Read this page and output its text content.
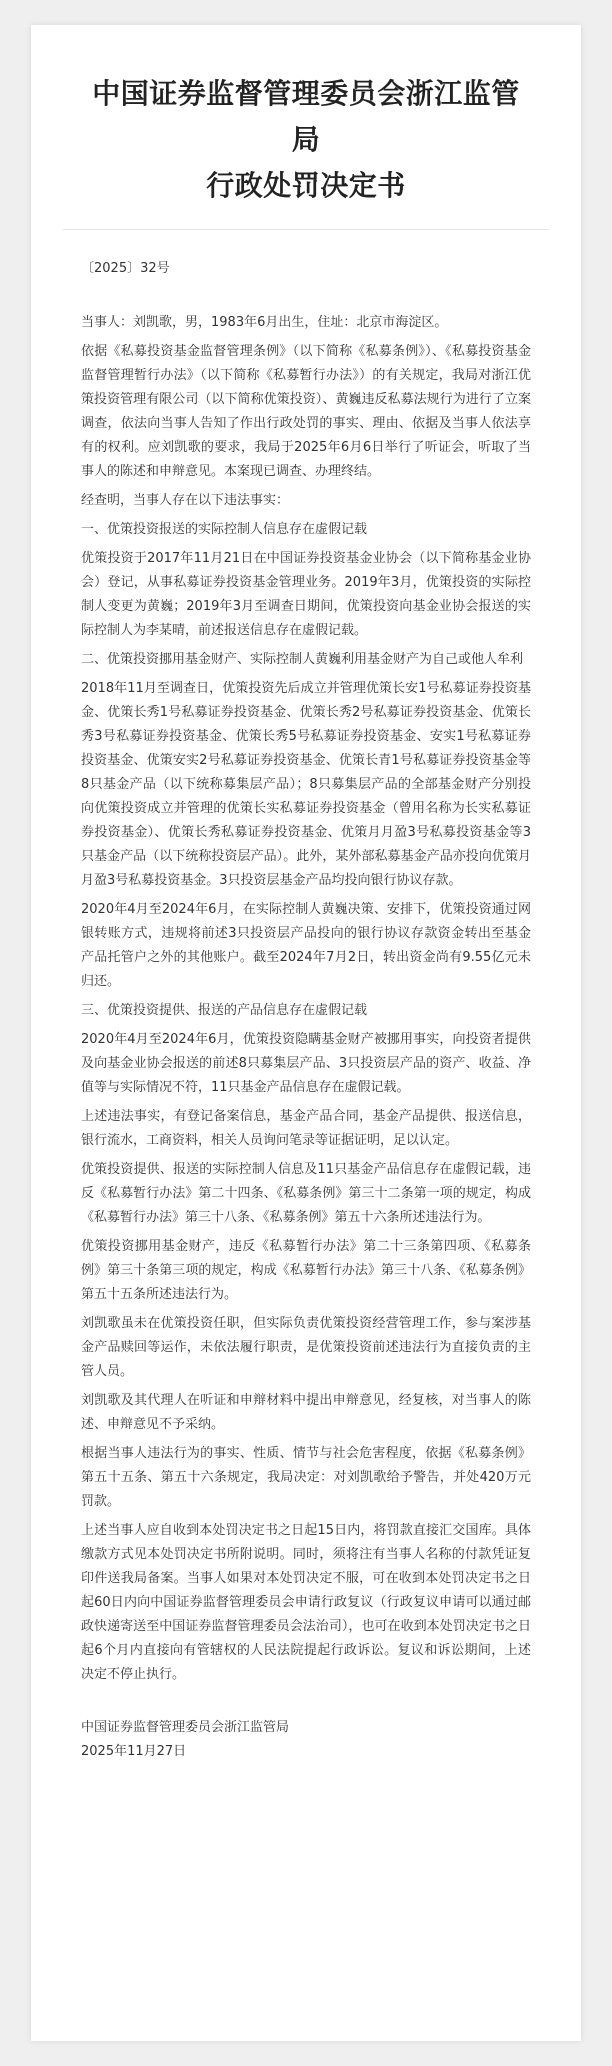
中国证券监督管理委员会浙江监管局
行政处罚决定书
〔2025〕32号

当事人：刘凯歌，男，1983年6月出生，住址：北京市海淀区。

依据《私募投资基金监督管理条例》（以下简称《私募条例》）、《私募投资基金监督管理暂行办法》（以下简称《私募暂行办法》）的有关规定，我局对浙江优策投资管理有限公司（以下简称优策投资）、黄巍违反私募法规行为进行了立案调查，依法向当事人告知了作出行政处罚的事实、理由、依据及当事人依法享有的权利。应刘凯歌的要求，我局于2025年6月6日举行了听证会，听取了当事人的陈述和申辩意见。本案现已调查、办理终结。

经查明，当事人存在以下违法事实：

一、优策投资报送的实际控制人信息存在虚假记载

优策投资于2017年11月21日在中国证券投资基金业协会（以下简称基金业协会）登记，从事私募证券投资基金管理业务。2019年3月，优策投资的实际控制人变更为黄巍；2019年3月至调查日期间，优策投资向基金业协会报送的实际控制人为李某晴，前述报送信息存在虚假记载。

二、优策投资挪用基金财产、实际控制人黄巍利用基金财产为自己或他人牟利

2018年11月至调查日，优策投资先后成立并管理优策长安1号私募证券投资基金、优策长秀1号私募证券投资基金、优策长秀2号私募证券投资基金、优策长秀3号私募证券投资基金、优策长秀5号私募证券投资基金、安实1号私募证券投资基金、优策安实2号私募证券投资基金、优策长青1号私募证券投资基金等8只基金产品（以下统称募集层产品）；8只募集层产品的全部基金财产分别投向优策投资成立并管理的优策长实私募证券投资基金（曾用名称为长实私募证券投资基金）、优策长秀私募证券投资基金、优策月月盈3号私募投资基金等3只基金产品（以下统称投资层产品）。此外，某外部私募基金产品亦投向优策月月盈3号私募投资基金。3只投资层基金产品均投向银行协议存款。

2020年4月至2024年6月，在实际控制人黄巍决策、安排下，优策投资通过网银转账方式，违规将前述3只投资层产品投向的银行协议存款资金转出至基金产品托管户之外的其他账户。截至2024年7月2日，转出资金尚有9.55亿元未归还。

三、优策投资提供、报送的产品信息存在虚假记载

2020年4月至2024年6月，优策投资隐瞒基金财产被挪用事实，向投资者提供及向基金业协会报送的前述8只募集层产品、3只投资层产品的资产、收益、净值等与实际情况不符，11只基金产品信息存在虚假记载。

上述违法事实，有登记备案信息，基金产品合同，基金产品提供、报送信息，银行流水，工商资料，相关人员询问笔录等证据证明，足以认定。

优策投资提供、报送的实际控制人信息及11只基金产品信息存在虚假记载，违反《私募暂行办法》第二十四条、《私募条例》第三十二条第一项的规定，构成《私募暂行办法》第三十八条、《私募条例》第五十六条所述违法行为。

优策投资挪用基金财产，违反《私募暂行办法》第二十三条第四项、《私募条例》第三十条第三项的规定，构成《私募暂行办法》第三十八条、《私募条例》第五十五条所述违法行为。

刘凯歌虽未在优策投资任职，但实际负责优策投资经营管理工作，参与案涉基金产品赎回等运作，未依法履行职责，是优策投资前述违法行为直接负责的主管人员。

刘凯歌及其代理人在听证和申辩材料中提出申辩意见，经复核，对当事人的陈述、申辩意见不予采纳。

根据当事人违法行为的事实、性质、情节与社会危害程度，依据《私募条例》第五十五条、第五十六条规定，我局决定：对刘凯歌给予警告，并处420万元罚款。

上述当事人应自收到本处罚决定书之日起15日内，将罚款直接汇交国库。具体缴款方式见本处罚决定书所附说明。同时，须将注有当事人名称的付款凭证复印件送我局备案。当事人如果对本处罚决定不服，可在收到本处罚决定书之日起60日内向中国证券监督管理委员会申请行政复议（行政复议申请可以通过邮政快递寄送至中国证券监督管理委员会法治司），也可在收到本处罚决定书之日起6个月内直接向有管辖权的人民法院提起行政诉讼。复议和诉讼期间，上述决定不停止执行。

中国证券监督管理委员会浙江监管局
2025年11月27日
